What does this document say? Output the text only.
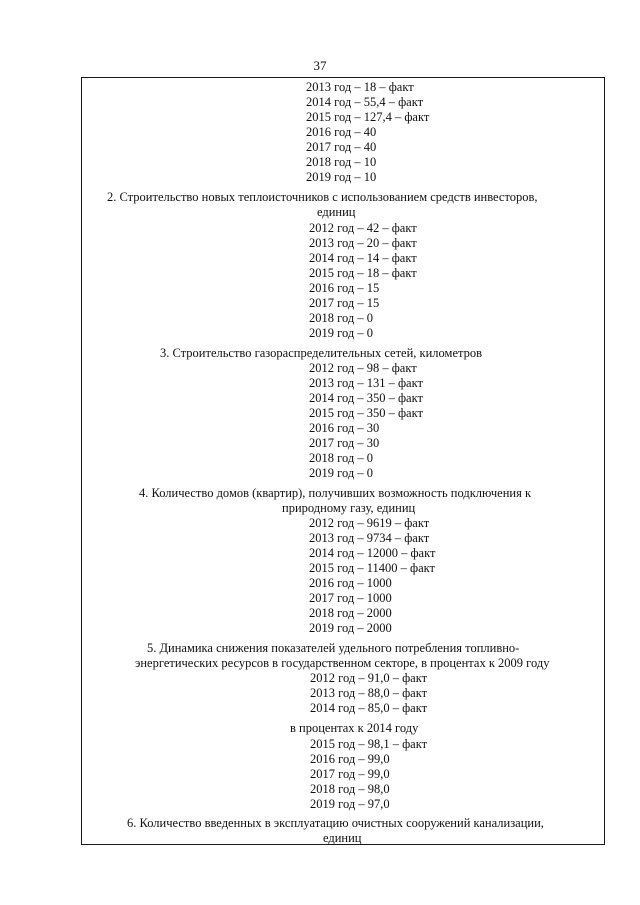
37
2013 год – 18 – факт
2014 год – 55,4 – факт
2015 год – 127,4 – факт
2016 год – 40
2017 год – 40
2018 год – 10
2019 год – 10
2. Строительство новых теплоисточников с использованием средств инвесторов,
единиц
2012 год – 42 – факт
2013 год – 20 – факт
2014 год – 14 – факт
2015 год – 18 – факт
2016 год – 15
2017 год – 15
2018 год – 0
2019 год – 0
3. Строительство газораспределительных сетей, километров
2012 год – 98 – факт
2013 год – 131 – факт
2014 год – 350 – факт
2015 год – 350 – факт
2016 год – 30
2017 год – 30
2018 год – 0
2019 год – 0
4. Количество домов (квартир), получивших возможность подключения к
природному газу, единиц
2012 год – 9619 – факт
2013 год – 9734 – факт
2014 год – 12000 – факт
2015 год – 11400 – факт
2016 год – 1000
2017 год – 1000
2018 год – 2000
2019 год – 2000
5. Динамика снижения показателей удельного потребления топливно-
энергетических ресурсов в государственном секторе, в процентах к 2009 году
2012 год – 91,0 – факт
2013 год – 88,0 – факт
2014 год – 85,0 – факт
в процентах к 2014 году
2015 год – 98,1 – факт
2016 год – 99,0
2017 год – 99,0
2018 год – 98,0
2019 год – 97,0
6. Количество введенных в эксплуатацию очистных сооружений канализации,
единиц
